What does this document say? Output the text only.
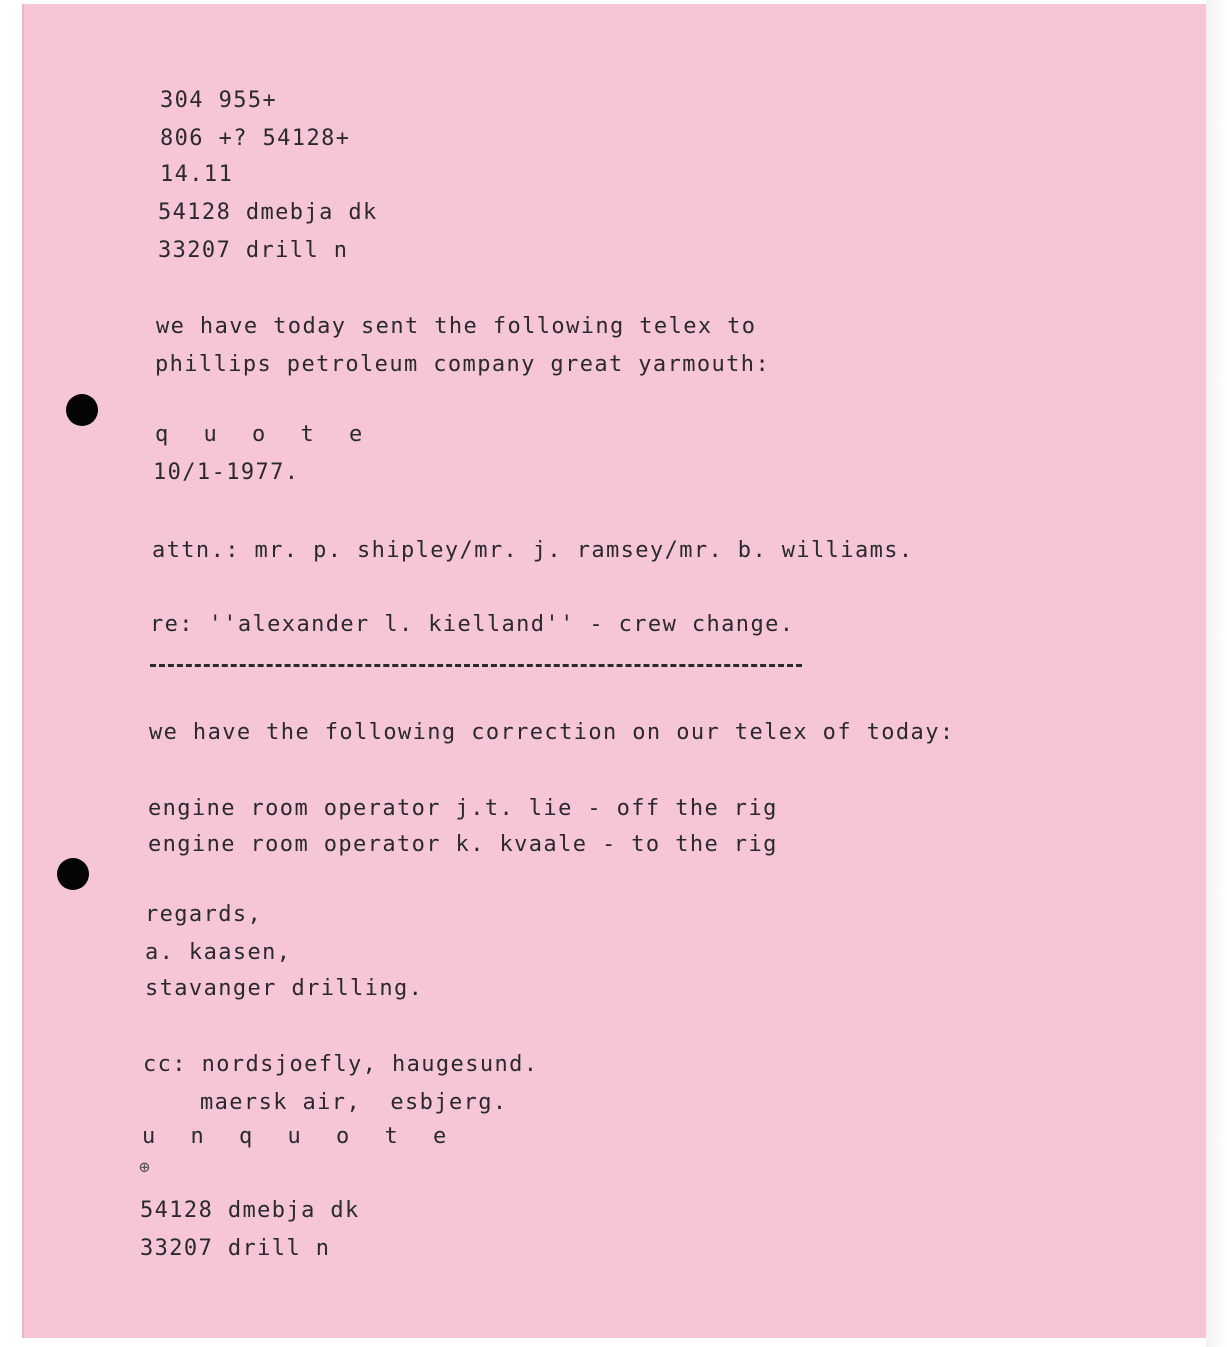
304 955+
806 +? 54128+
14.11
54128 dmebja dk
33207 drill n
we have today sent the following telex to
phillips petroleum company great yarmouth:
q u o t e
10/1-1977.
attn.: mr. p. shipley/mr. j. ramsey/mr. b. williams.
re: ''alexander l. kielland'' - crew change.
we have the following correction on our telex of today:
engine room operator j.t. lie - off the rig
engine room operator k. kvaale - to the rig
regards,
a. kaasen,
stavanger drilling.
cc: nordsjoefly, haugesund.
maersk air,  esbjerg.
u n q u o t e
⊕
54128 dmebja dk
33207 drill n
